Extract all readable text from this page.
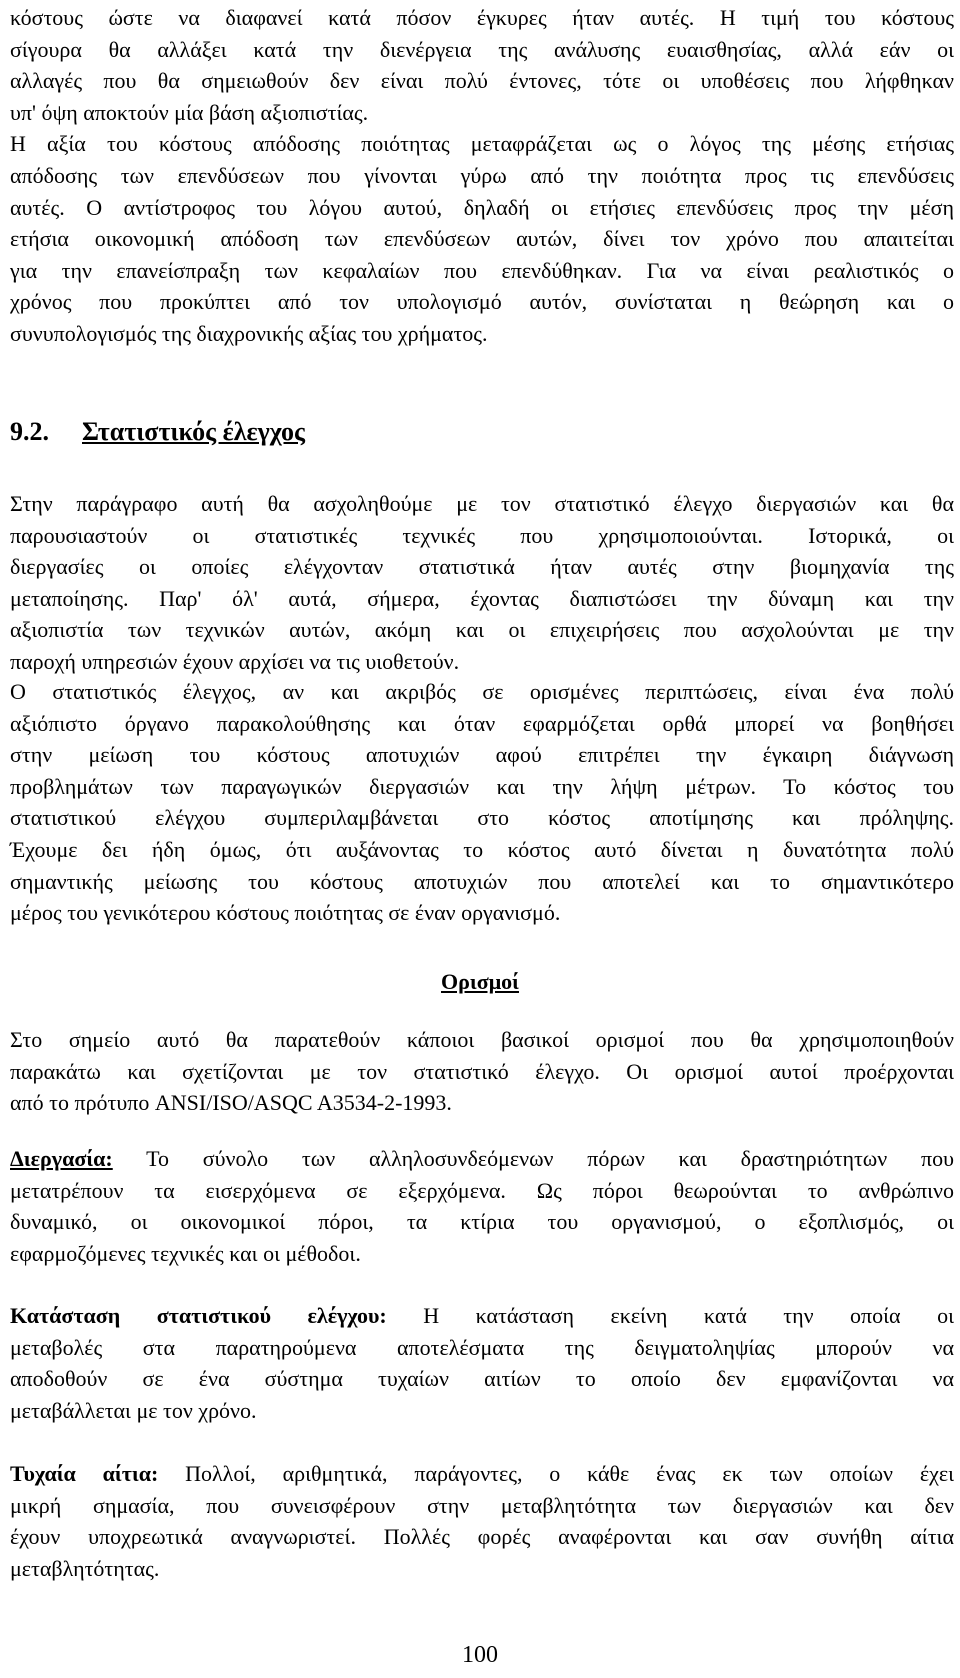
κόστους ώστε να διαφανεί κατά πόσον έγκυρες ήταν αυτές. Η τιμή του κόστους
σίγουρα θα αλλάξει κατά την διενέργεια της ανάλυσης ευαισθησίας, αλλά εάν οι
αλλαγές που θα σημειωθούν δεν είναι πολύ έντονες, τότε οι υποθέσεις που λήφθηκαν
υπ' όψη αποκτούν μία βάση αξιοπιστίας.
Η αξία του κόστους απόδοσης ποιότητας μεταφράζεται ως ο λόγος της μέσης ετήσιας
απόδοσης των επενδύσεων που γίνονται γύρω από την ποιότητα προς τις επενδύσεις
αυτές. Ο αντίστροφος του λόγου αυτού, δηλαδή οι ετήσιες επενδύσεις προς την μέση
ετήσια οικονομική απόδοση των επενδύσεων αυτών, δίνει τον χρόνο που απαιτείται
για την επανείσπραξη των κεφαλαίων που επενδύθηκαν. Για να είναι ρεαλιστικός ο
χρόνος που προκύπτει από τον υπολογισμό αυτόν, συνίσταται η θεώρηση και ο
συνυπολογισμός της διαχρονικής αξίας του χρήματος.
9.2. Στατιστικός έλεγχος
Στην παράγραφο αυτή θα ασχοληθούμε με τον στατιστικό έλεγχο διεργασιών και θα
παρουσιαστούν οι στατιστικές τεχνικές που χρησιμοποιούνται. Ιστορικά, οι
διεργασίες οι οποίες ελέγχονταν στατιστικά ήταν αυτές στην βιομηχανία της
μεταποίησης. Παρ' όλ' αυτά, σήμερα, έχοντας διαπιστώσει την δύναμη και την
αξιοπιστία των τεχνικών αυτών, ακόμη και οι επιχειρήσεις που ασχολούνται με την
παροχή υπηρεσιών έχουν αρχίσει να τις υιοθετούν.
Ο στατιστικός έλεγχος, αν και ακριβός σε ορισμένες περιπτώσεις, είναι ένα πολύ
αξιόπιστο όργανο παρακολούθησης και όταν εφαρμόζεται ορθά μπορεί να βοηθήσει
στην μείωση του κόστους αποτυχιών αφού επιτρέπει την έγκαιρη διάγνωση
προβλημάτων των παραγωγικών διεργασιών και την λήψη μέτρων. Το κόστος του
στατιστικού ελέγχου συμπεριλαμβάνεται στο κόστος αποτίμησης και πρόληψης.
Έχουμε δει ήδη όμως, ότι αυξάνοντας το κόστος αυτό δίνεται η δυνατότητα πολύ
σημαντικής μείωσης του κόστους αποτυχιών που αποτελεί και το σημαντικότερο
μέρος του γενικότερου κόστους ποιότητας σε έναν οργανισμό.
Ορισμοί
Στο σημείο αυτό θα παρατεθούν κάποιοι βασικοί ορισμοί που θα χρησιμοποιηθούν
παρακάτω και σχετίζονται με τον στατιστικό έλεγχο. Οι ορισμοί αυτοί προέρχονται
από το πρότυπο ANSI/ISO/ASQC A3534-2-1993.
Διεργασία: Το σύνολο των αλληλοσυνδεόμενων πόρων και δραστηριότητων που
μετατρέπουν τα εισερχόμενα σε εξερχόμενα. Ως πόροι θεωρούνται το ανθρώπινο
δυναμικό, οι οικονομικοί πόροι, τα κτίρια του οργανισμού, ο εξοπλισμός, οι
εφαρμοζόμενες τεχνικές και οι μέθοδοι.
Κατάσταση στατιστικού ελέγχου: Η κατάσταση εκείνη κατά την οποία οι
μεταβολές στα παρατηρούμενα αποτελέσματα της δειγματοληψίας μπορούν να
αποδοθούν σε ένα σύστημα τυχαίων αιτίων το οποίο δεν εμφανίζονται να
μεταβάλλεται με τον χρόνο.
Τυχαία αίτια: Πολλοί, αριθμητικά, παράγοντες, ο κάθε ένας εκ των οποίων έχει
μικρή σημασία, που συνεισφέρουν στην μεταβλητότητα των διεργασιών και δεν
έχουν υποχρεωτικά αναγνωριστεί. Πολλές φορές αναφέρονται και σαν συνήθη αίτια
μεταβλητότητας.
100
